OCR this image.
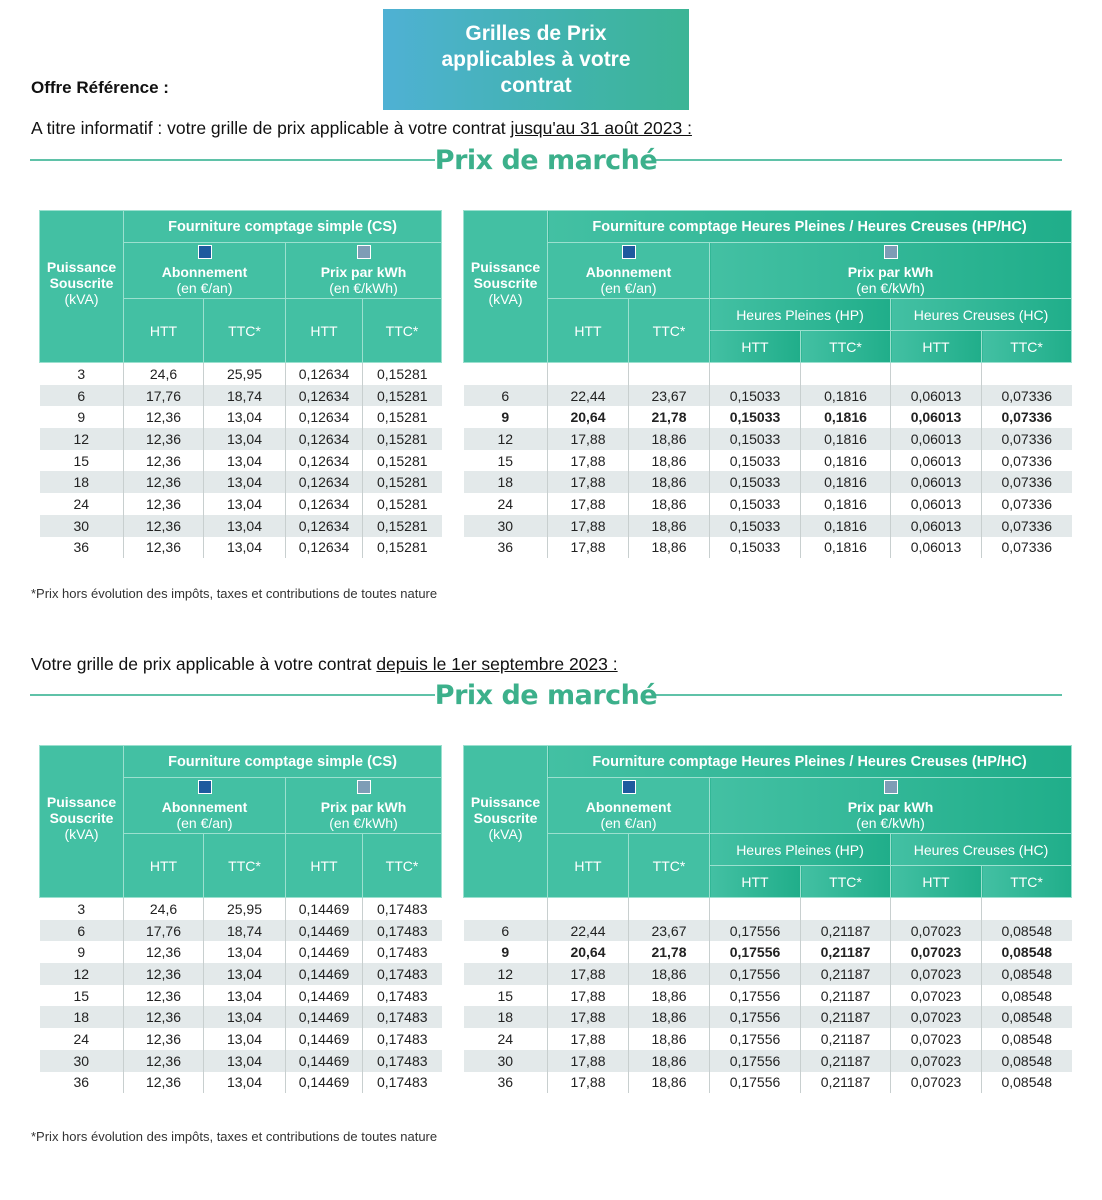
Grilles de Prix
applicables à votre
contrat
Offre Référence :
A titre informatif : votre grille de prix applicable à votre contrat jusqu'au 31 août 2023 :
Prix de marché
Puissance
Souscrite
(kVA)	Fourniture comptage simple (CS)			

	Abonnement
(en €/an)		Prix par kWh
(en €/kWh)	

	HTT	TTC*	HTT	TTC*
3	24,6	25,95	0,12634	0,15281
6	17,76	18,74	0,12634	0,15281
9	12,36	13,04	0,12634	0,15281
12	12,36	13,04	0,12634	0,15281
15	12,36	13,04	0,12634	0,15281
18	12,36	13,04	0,12634	0,15281
24	12,36	13,04	0,12634	0,15281
30	12,36	13,04	0,12634	0,15281
36	12,36	13,04	0,12634	0,15281
Puissance
Souscrite
(kVA)	Fourniture comptage Heures Pleines / Heures Creuses (HP/HC)					

	Abonnement
(en €/an)		Prix par kWh
(en €/kWh)			

	HTT	TTC*	Heures Pleines (HP)		Heures Creuses (HC)	
			HTT	TTC*	HTT	TTC*

6	22,44	23,67	0,15033	0,1816	0,06013	0,07336
9	20,64	21,78	0,15033	0,1816	0,06013	0,07336
12	17,88	18,86	0,15033	0,1816	0,06013	0,07336
15	17,88	18,86	0,15033	0,1816	0,06013	0,07336
18	17,88	18,86	0,15033	0,1816	0,06013	0,07336
24	17,88	18,86	0,15033	0,1816	0,06013	0,07336
30	17,88	18,86	0,15033	0,1816	0,06013	0,07336
36	17,88	18,86	0,15033	0,1816	0,06013	0,07336
*Prix hors évolution des impôts, taxes et contributions de toutes nature
Votre grille de prix applicable à votre contrat depuis le 1er septembre 2023 :
Prix de marché
Puissance
Souscrite
(kVA)	Fourniture comptage simple (CS)			

	Abonnement
(en €/an)		Prix par kWh
(en €/kWh)	

	HTT	TTC*	HTT	TTC*
3	24,6	25,95	0,14469	0,17483
6	17,76	18,74	0,14469	0,17483
9	12,36	13,04	0,14469	0,17483
12	12,36	13,04	0,14469	0,17483
15	12,36	13,04	0,14469	0,17483
18	12,36	13,04	0,14469	0,17483
24	12,36	13,04	0,14469	0,17483
30	12,36	13,04	0,14469	0,17483
36	12,36	13,04	0,14469	0,17483
Puissance
Souscrite
(kVA)	Fourniture comptage Heures Pleines / Heures Creuses (HP/HC)					

	Abonnement
(en €/an)		Prix par kWh
(en €/kWh)			

	HTT	TTC*	Heures Pleines (HP)		Heures Creuses (HC)	
			HTT	TTC*	HTT	TTC*

6	22,44	23,67	0,17556	0,21187	0,07023	0,08548
9	20,64	21,78	0,17556	0,21187	0,07023	0,08548
12	17,88	18,86	0,17556	0,21187	0,07023	0,08548
15	17,88	18,86	0,17556	0,21187	0,07023	0,08548
18	17,88	18,86	0,17556	0,21187	0,07023	0,08548
24	17,88	18,86	0,17556	0,21187	0,07023	0,08548
30	17,88	18,86	0,17556	0,21187	0,07023	0,08548
36	17,88	18,86	0,17556	0,21187	0,07023	0,08548
*Prix hors évolution des impôts, taxes et contributions de toutes nature
